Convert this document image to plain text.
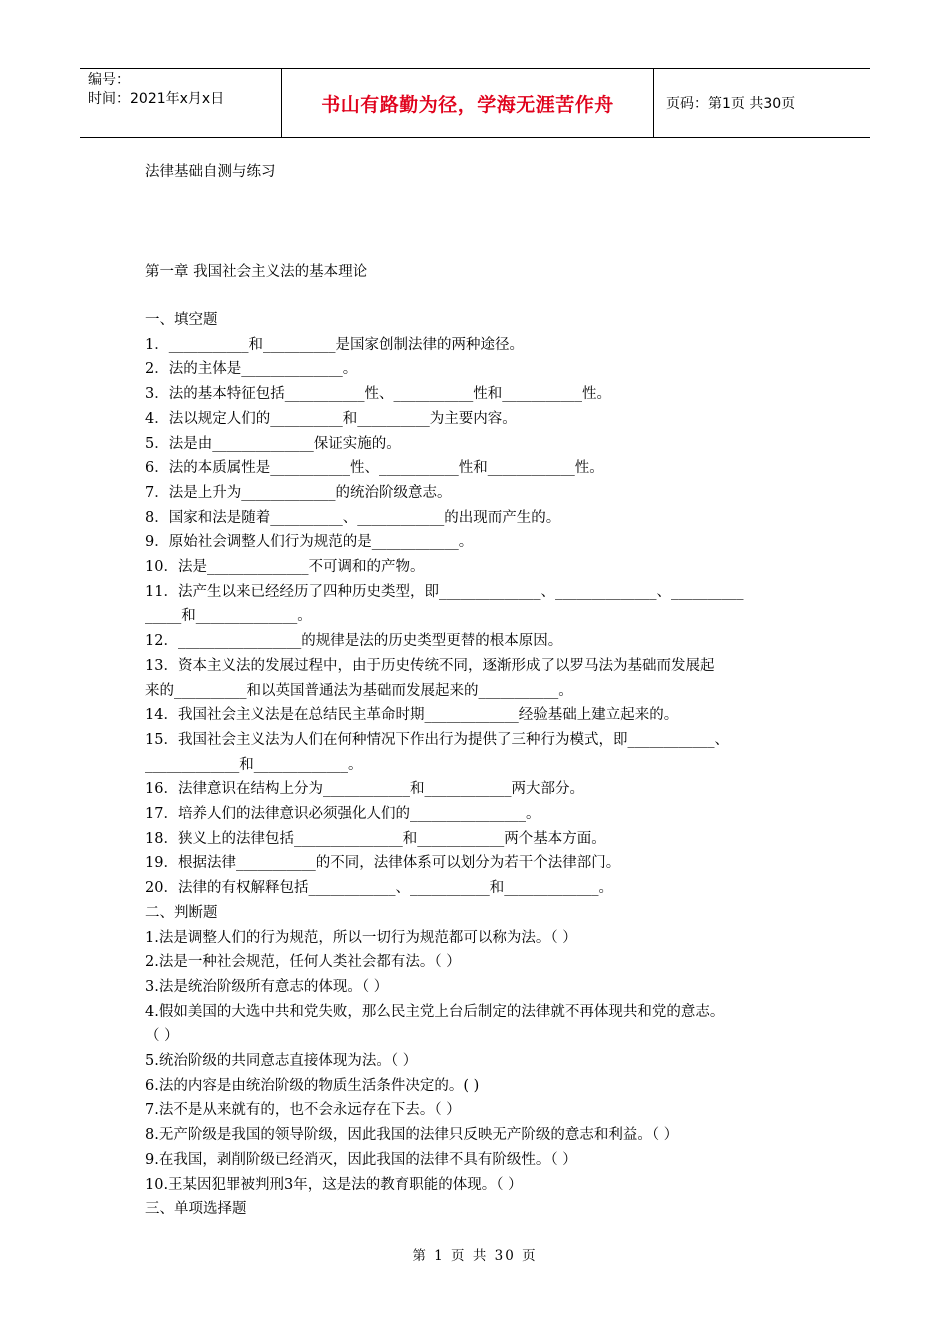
编号：
时间：2021年x月x日	书山有路勤为径，学海无涯苦作舟	页码：第1页 共30页
法律基础自测与练习
第一章 我国社会主义法的基本理论
一、填空题
1．___________和__________是国家创制法律的两种途径。
2．法的主体是______________。
3．法的基本特征包括___________性、___________性和___________性。
4．法以规定人们的__________和__________为主要内容。
5．法是由______________保证实施的。
6．法的本质属性是___________性、___________性和____________性。
7．法是上升为_____________的统治阶级意志。
8．国家和法是随着__________、____________的出现而产生的。
9．原始社会调整人们行为规范的是____________。
10．法是______________不可调和的产物。
11．法产生以来已经经历了四种历史类型，即______________、______________、__________
_____和______________。
12．_________________的规律是法的历史类型更替的根本原因。
13．资本主义法的发展过程中，由于历史传统不同，逐渐形成了以罗马法为基础而发展起
来的__________和以英国普通法为基础而发展起来的___________。
14．我国社会主义法是在总结民主革命时期_____________经验基础上建立起来的。
15．我国社会主义法为人们在何种情况下作出行为提供了三种行为模式，即____________、
_____________和_____________。
16．法律意识在结构上分为____________和____________两大部分。
17．培养人们的法律意识必须强化人们的________________。
18．狭义上的法律包括_______________和____________两个基本方面。
19．根据法律___________的不同，法律体系可以划分为若干个法律部门。
20．法律的有权解释包括____________、___________和_____________。
二、判断题
1.法是调整人们的行为规范，所以一切行为规范都可以称为法。（ ）
2.法是一种社会规范，任何人类社会都有法。（ ）
3.法是统治阶级所有意志的体现。（ ）
4.假如美国的大选中共和党失败，那么民主党上台后制定的法律就不再体现共和党的意志。
（ ）
5.统治阶级的共同意志直接体现为法。（ ）
6.法的内容是由统治阶级的物质生活条件决定的。( )
7.法不是从来就有的，也不会永远存在下去。（ ）
8.无产阶级是我国的领导阶级，因此我国的法律只反映无产阶级的意志和利益。（ ）
9.在我国，剥削阶级已经消灭，因此我国的法律不具有阶级性。（ ）
10.王某因犯罪被判刑3年，这是法的教育职能的体现。（ ）
三、单项选择题
第 1 页 共 30 页
